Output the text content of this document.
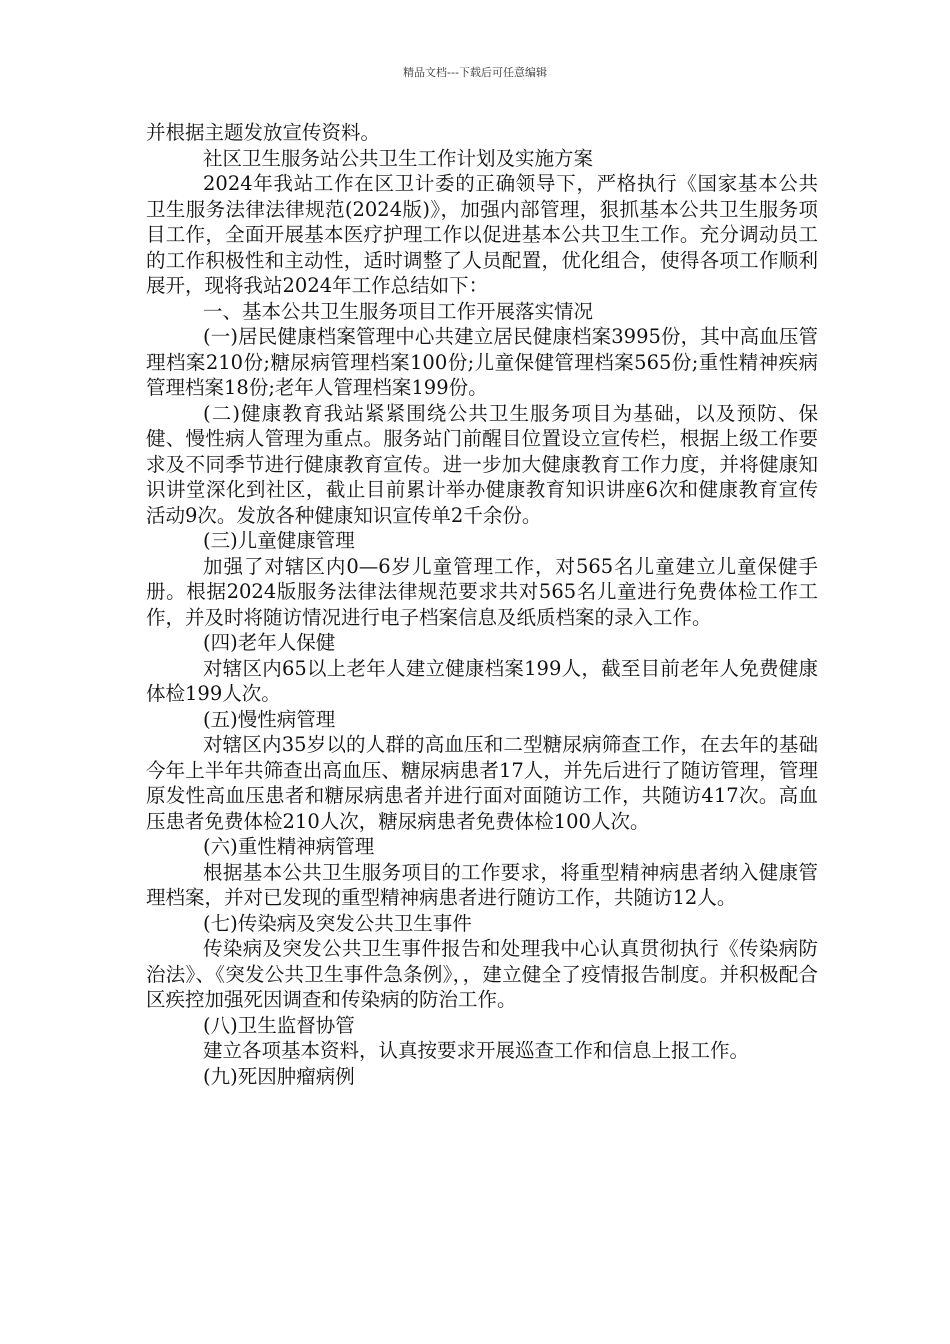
精品文档---下载后可任意编辑

并根据主题发放宣传资料。

社区卫生服务站公共卫生工作计划及实施方案

2024年我站工作在区卫计委的正确领导下，严格执行《国家基本公共卫生服务法律法律规范(2024版)》，加强内部管理，狠抓基本公共卫生服务项目工作，全面开展基本医疗护理工作以促进基本公共卫生工作。充分调动员工的工作积极性和主动性，适时调整了人员配置，优化组合，使得各项工作顺利展开，现将我站2024年工作总结如下：

一、基本公共卫生服务项目工作开展落实情况

(一)居民健康档案管理中心共建立居民健康档案3995份，其中高血压管理档案210份;糖尿病管理档案100份;儿童保健管理档案565份;重性精神疾病管理档案18份;老年人管理档案199份。

(二)健康教育我站紧紧围绕公共卫生服务项目为基础，以及预防、保健、慢性病人管理为重点。服务站门前醒目位置设立宣传栏，根据上级工作要求及不同季节进行健康教育宣传。进一步加大健康教育工作力度，并将健康知识讲堂深化到社区，截止目前累计举办健康教育知识讲座6次和健康教育宣传活动9次。发放各种健康知识宣传单2千余份。

(三)儿童健康管理

加强了对辖区内0—6岁儿童管理工作，对565名儿童建立儿童保健手册。根据2024版服务法律法律规范要求共对565名儿童进行免费体检工作工作，并及时将随访情况进行电子档案信息及纸质档案的录入工作。

(四)老年人保健

对辖区内65以上老年人建立健康档案199人，截至目前老年人免费健康体检199人次。

(五)慢性病管理

对辖区内35岁以的人群的高血压和二型糖尿病筛查工作，在去年的基础今年上半年共筛查出高血压、糖尿病患者17人，并先后进行了随访管理，管理原发性高血压患者和糖尿病患者并进行面对面随访工作，共随访417次。高血压患者免费体检210人次，糖尿病患者免费体检100人次。

(六)重性精神病管理

根据基本公共卫生服务项目的工作要求，将重型精神病患者纳入健康管理档案，并对已发现的重型精神病患者进行随访工作，共随访12人。

(七)传染病及突发公共卫生事件

传染病及突发公共卫生事件报告和处理我中心认真贯彻执行《传染病防治法》、《突发公共卫生事件急条例》，，建立健全了疫情报告制度。并积极配合区疾控加强死因调查和传染病的防治工作。

(八)卫生监督协管

建立各项基本资料，认真按要求开展巡查工作和信息上报工作。

(九)死因肿瘤病例
